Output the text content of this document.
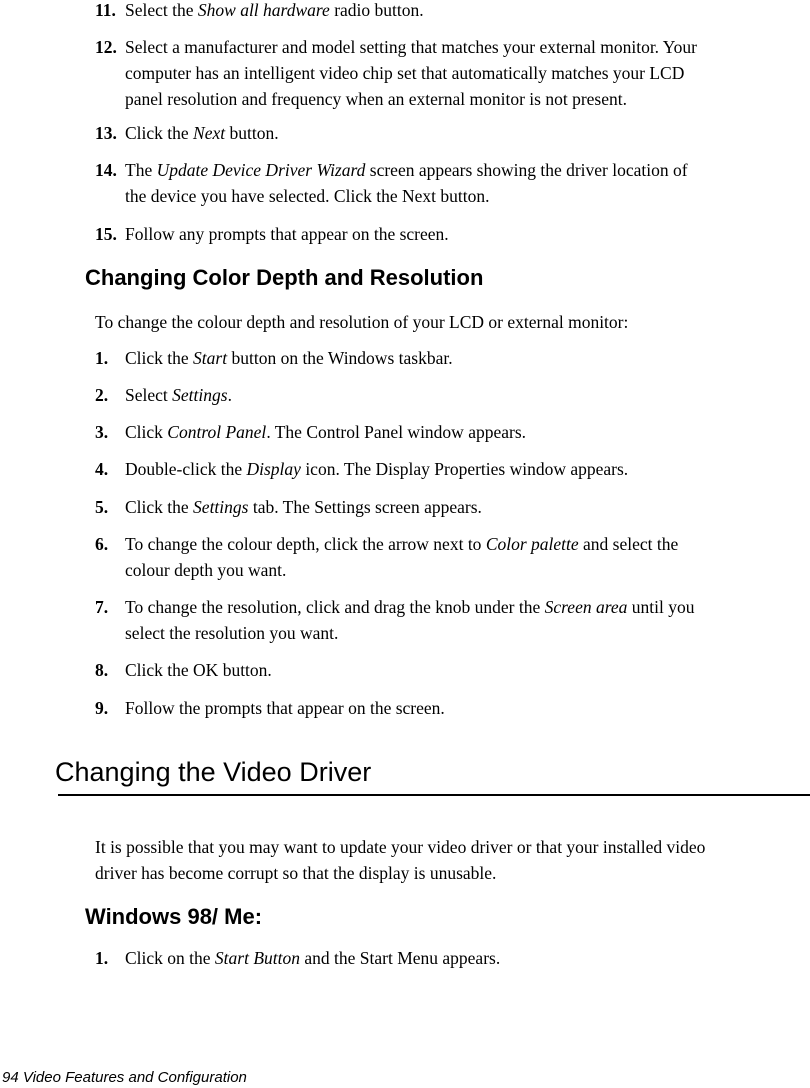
11. Select the Show all hardware radio button.
12. Select a manufacturer and model setting that matches your external monitor. Your
computer has an intelligent video chip set that automatically matches your LCD
panel resolution and frequency when an external monitor is not present.
13. Click the Next button.
14. The Update Device Driver Wizard screen appears showing the driver location of
the device you have selected. Click the Next button.
15. Follow any prompts that appear on the screen.
Changing Color Depth and Resolution
To change the colour depth and resolution of your LCD or external monitor:
1. Click the Start button on the Windows taskbar.
2. Select Settings.
3. Click Control Panel. The Control Panel window appears.
4. Double-click the Display icon. The Display Properties window appears.
5. Click the Settings tab. The Settings screen appears.
6. To change the colour depth, click the arrow next to Color palette and select the
colour depth you want.
7. To change the resolution, click and drag the knob under the Screen area until you
select the resolution you want.
8. Click the OK button.
9. Follow the prompts that appear on the screen.
Changing the Video Driver
It is possible that you may want to update your video driver or that your installed video
driver has become corrupt so that the display is unusable.
Windows 98/ Me:
1. Click on the Start Button and the Start Menu appears.
94 Video Features and Configuration
